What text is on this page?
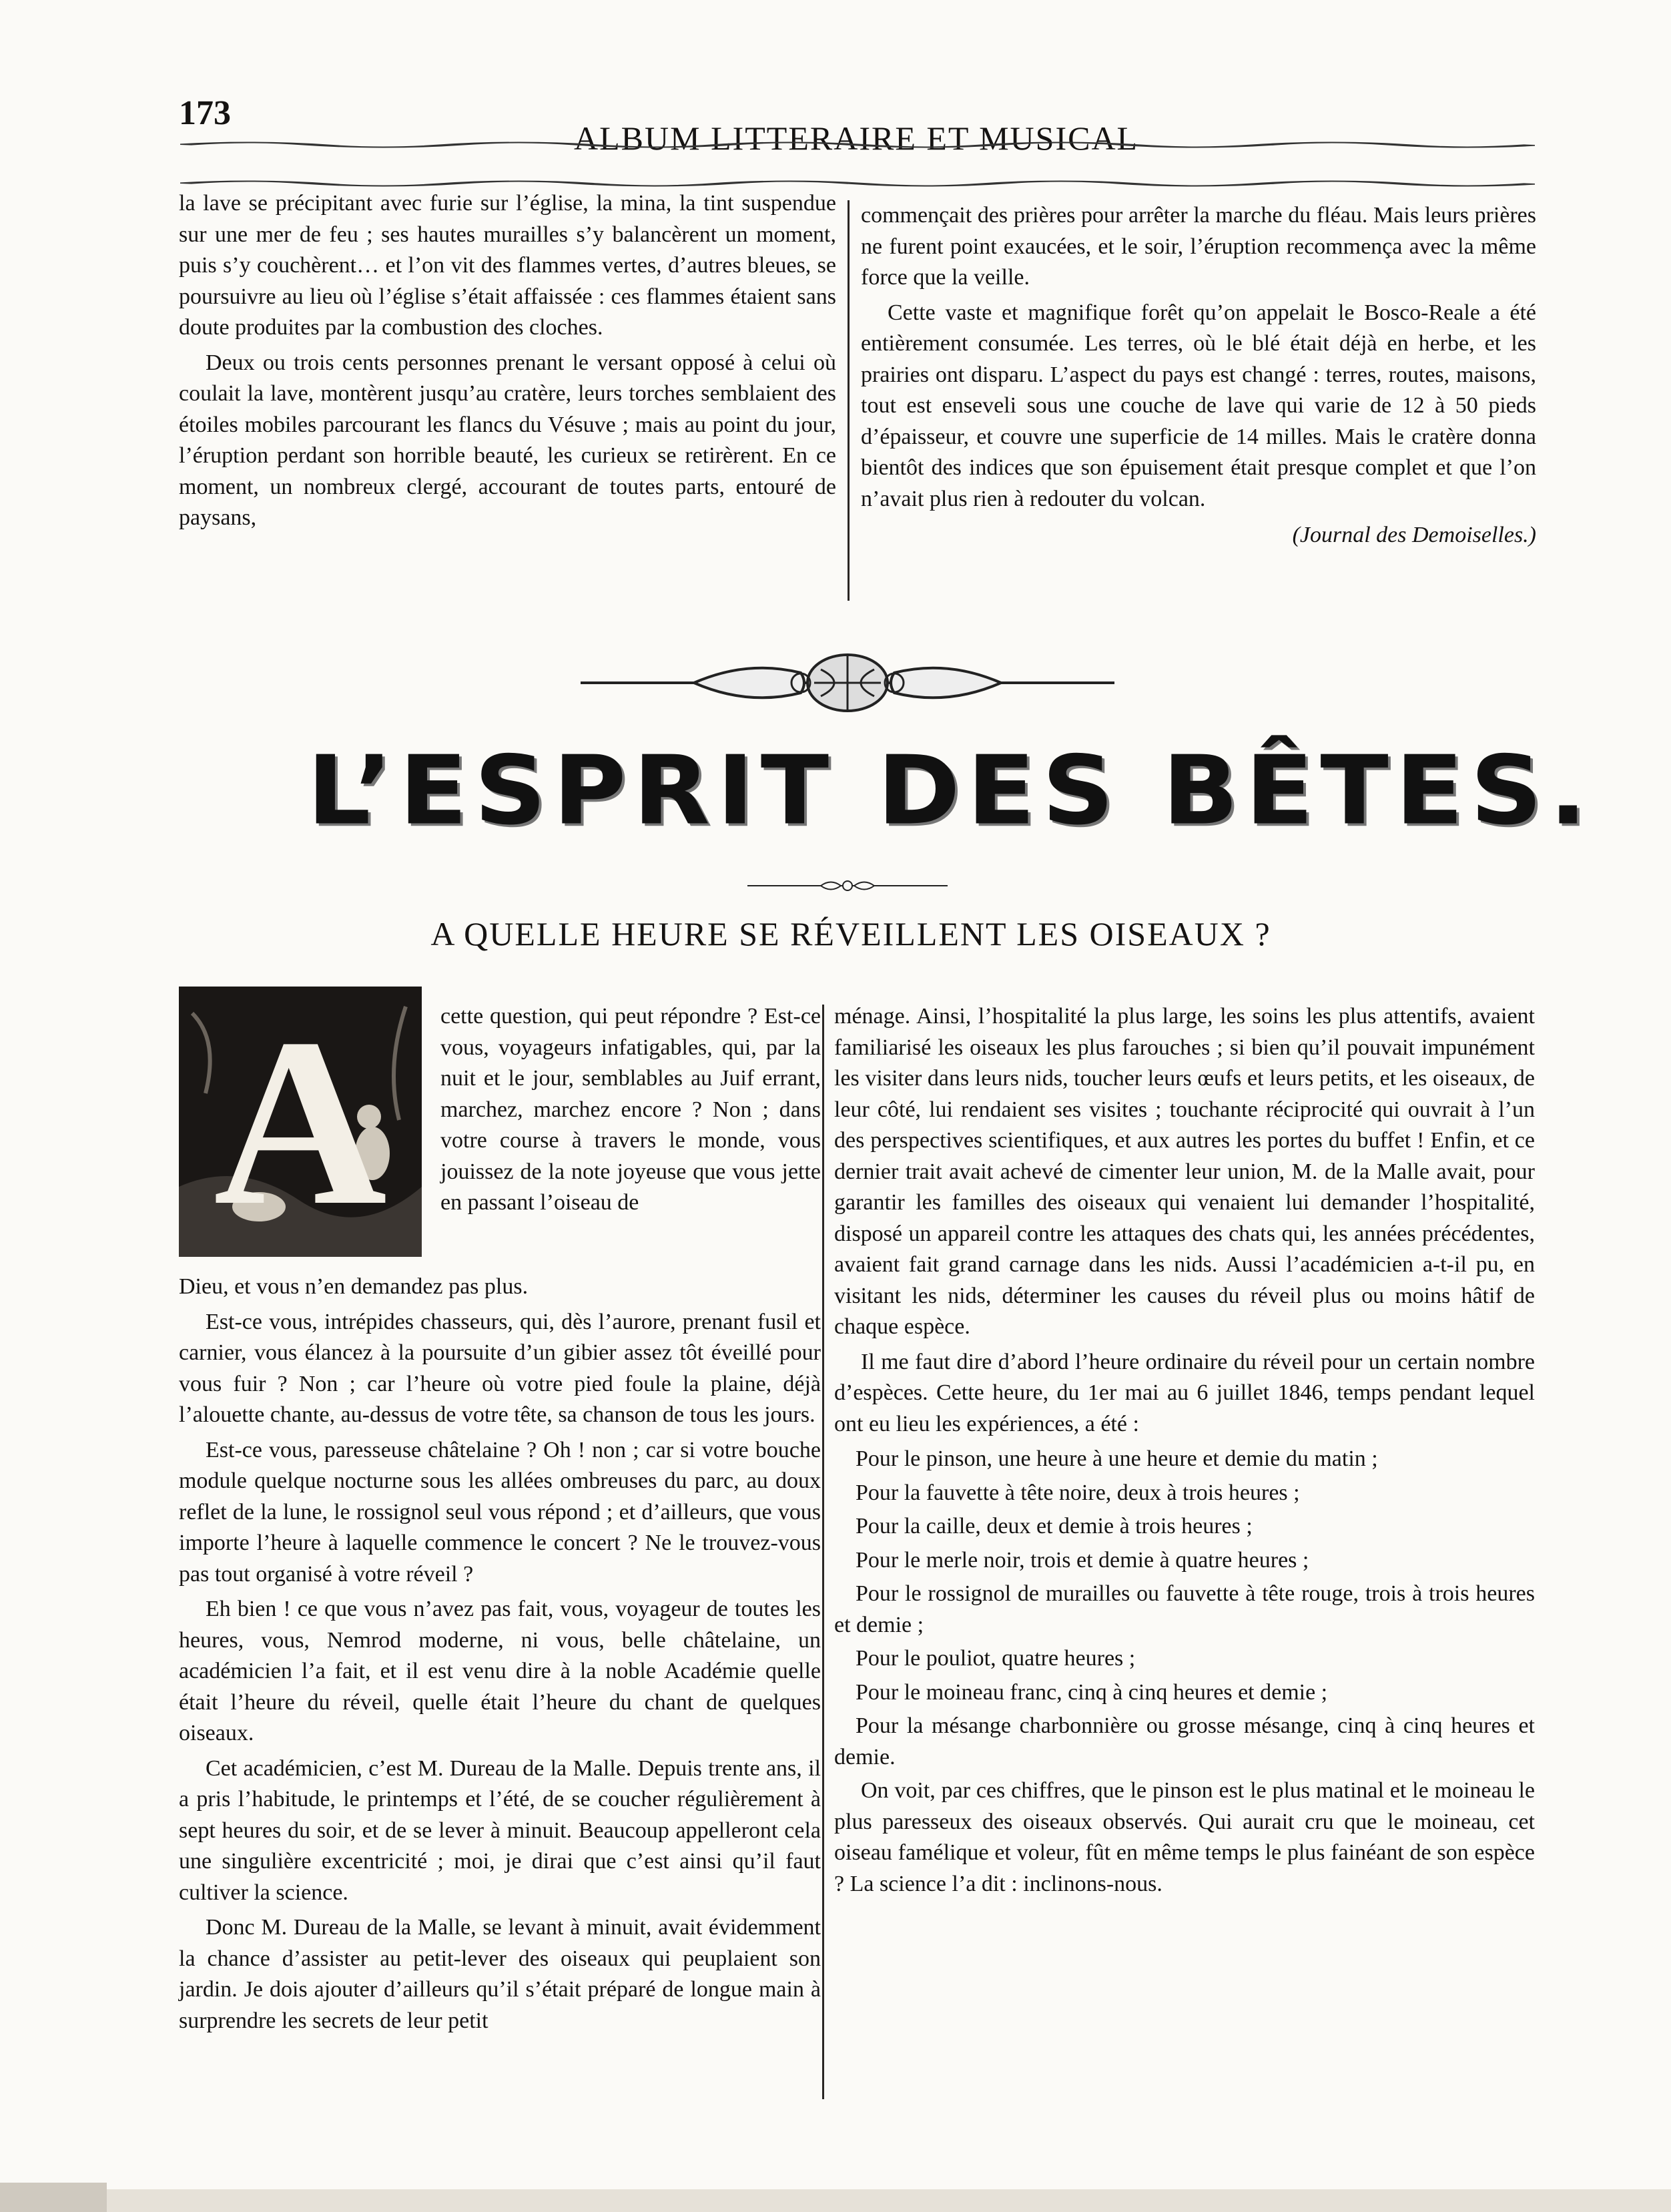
173
ALBUM LITTERAIRE ET MUSICAL

la lave se précipitant avec furie sur l’église, la mina, la tint suspendue sur une mer de feu ; ses hautes murailles s’y balancèrent un moment, puis s’y couchèrent… et l’on vit des flammes vertes, d’autres bleues, se poursuivre au lieu où l’église s’était affaissée : ces flammes étaient sans doute produites par la combustion des cloches.

Deux ou trois cents personnes prenant le versant opposé à celui où coulait la lave, montèrent jusqu’au cratère, leurs torches semblaient des étoiles mobiles parcourant les flancs du Vésuve ; mais au point du jour, l’éruption perdant son horrible beauté, les curieux se retirèrent. En ce moment, un nombreux clergé, accourant de toutes parts, entouré de paysans,

commençait des prières pour arrêter la marche du fléau. Mais leurs prières ne furent point exaucées, et le soir, l’éruption recommença avec la même force que la veille.

Cette vaste et magnifique forêt qu’on appelait le Bosco-Reale a été entièrement consumée. Les terres, où le blé était déjà en herbe, et les prairies ont disparu. L’aspect du pays est changé : terres, routes, maisons, tout est enseveli sous une couche de lave qui varie de 12 à 50 pieds d’épaisseur, et couvre une superficie de 14 milles. Mais le cratère donna bientôt des indices que son épuisement était presque complet et que l’on n’avait plus rien à redouter du volcan.

(Journal des Demoiselles.)
L’ESPRIT DES BÊTES.
A QUELLE HEURE SE RÉVEILLENT LES OISEAUX ?
A	cette question, qui peut répondre ? Est-ce vous, voyageurs infatigables, qui, par la nuit et le jour, semblables au Juif errant, marchez, marchez encore ? Non ; dans votre course à travers le monde, vous jouissez de la note joyeuse que vous jette en passant l’oiseau de

Dieu, et vous n’en demandez pas plus.

Est-ce vous, intrépides chasseurs, qui, dès l’aurore, prenant fusil et carnier, vous élancez à la poursuite d’un gibier assez tôt éveillé pour vous fuir ? Non ; car l’heure où votre pied foule la plaine, déjà l’alouette chante, au-dessus de votre tête, sa chanson de tous les jours.

Est-ce vous, paresseuse châtelaine ? Oh ! non ; car si votre bouche module quelque nocturne sous les allées ombreuses du parc, au doux reflet de la lune, le rossignol seul vous répond ; et d’ailleurs, que vous importe l’heure à laquelle commence le concert ? Ne le trouvez-vous pas tout organisé à votre réveil ?

Eh bien ! ce que vous n’avez pas fait, vous, voyageur de toutes les heures, vous, Nemrod moderne, ni vous, belle châtelaine, un académicien l’a fait, et il est venu dire à la noble Académie quelle était l’heure du réveil, quelle était l’heure du chant de quelques oiseaux.

Cet académicien, c’est M. Dureau de la Malle. Depuis trente ans, il a pris l’habitude, le printemps et l’été, de se coucher régulièrement à sept heures du soir, et de se lever à minuit. Beaucoup appelleront cela une singulière excentricité ; moi, je dirai que c’est ainsi qu’il faut cultiver la science.

Donc M. Dureau de la Malle, se levant à minuit, avait évidemment la chance d’assister au petit-lever des oiseaux qui peuplaient son jardin. Je dois ajouter d’ailleurs qu’il s’était préparé de longue main à surprendre les secrets de leur petit

ménage. Ainsi, l’hospitalité la plus large, les soins les plus attentifs, avaient familiarisé les oiseaux les plus farouches ; si bien qu’il pouvait impunément les visiter dans leurs nids, toucher leurs œufs et leurs petits, et les oiseaux, de leur côté, lui rendaient ses visites ; touchante réciprocité qui ouvrait à l’un des perspectives scientifiques, et aux autres les portes du buffet ! Enfin, et ce dernier trait avait achevé de cimenter leur union, M. de la Malle avait, pour garantir les familles des oiseaux qui venaient lui demander l’hospitalité, disposé un appareil contre les attaques des chats qui, les années précédentes, avaient fait grand carnage dans les nids. Aussi l’académicien a-t-il pu, en visitant les nids, déterminer les causes du réveil plus ou moins hâtif de chaque espèce.

Il me faut dire d’abord l’heure ordinaire du réveil pour un certain nombre d’espèces. Cette heure, du 1er mai au 6 juillet 1846, temps pendant lequel ont eu lieu les expériences, a été :

Pour le pinson, une heure à une heure et demie du matin ;

Pour la fauvette à tête noire, deux à trois heures ;

Pour la caille, deux et demie à trois heures ;

Pour le merle noir, trois et demie à quatre heures ;

Pour le rossignol de murailles ou fauvette à tête rouge, trois à trois heures et demie ;

Pour le pouliot, quatre heures ;

Pour le moineau franc, cinq à cinq heures et demie ;

Pour la mésange charbonnière ou grosse mésange, cinq à cinq heures et demie.

On voit, par ces chiffres, que le pinson est le plus matinal et le moineau le plus paresseux des oiseaux observés. Qui aurait cru que le moineau, cet oiseau famélique et voleur, fût en même temps le plus fainéant de son espèce ? La science l’a dit : inclinons-nous.
